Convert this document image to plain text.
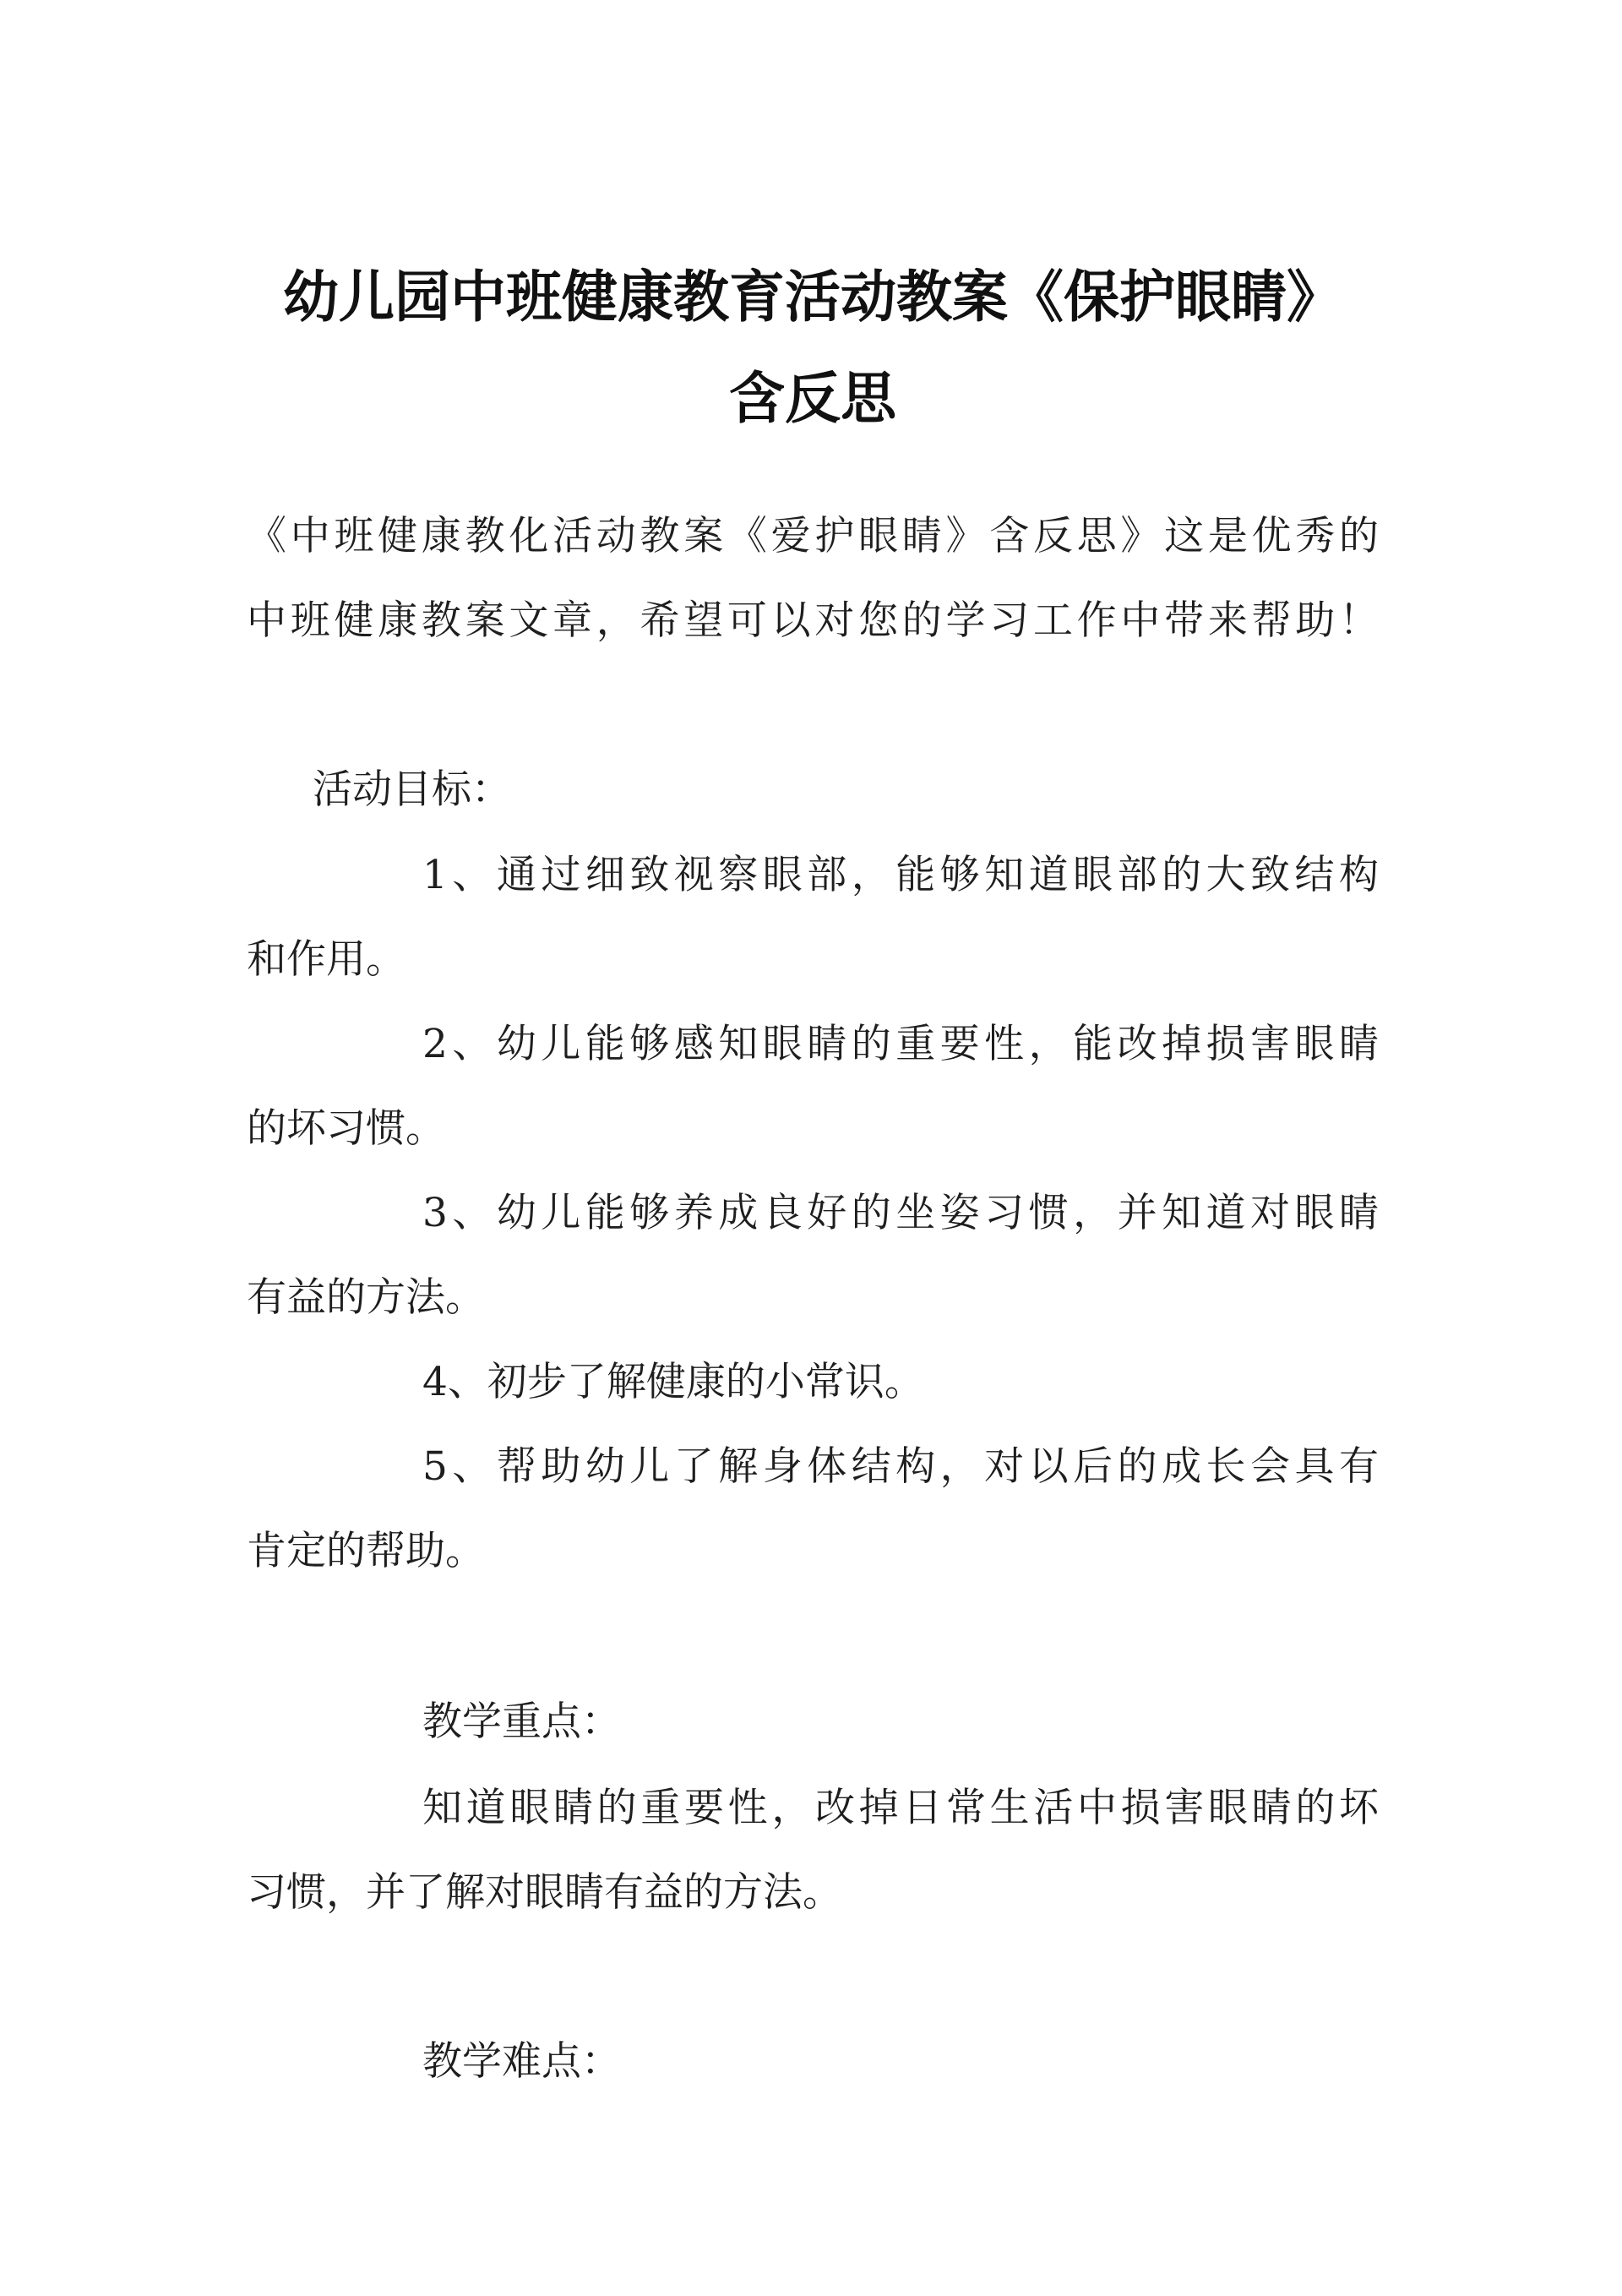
幼儿园中班健康教育活动教案《保护眼睛》
含反思
《中班健康教化活动教案《爱护眼睛》含反思》这是优秀的
中班健康教案文章，希望可以对您的学习工作中带来帮助！
活动目标：
1、通过细致视察眼部，能够知道眼部的大致结构
和作用。
2、幼儿能够感知眼睛的重要性，能改掉损害眼睛
的坏习惯。
3、幼儿能够养成良好的坐姿习惯，并知道对眼睛
有益的方法。
4、初步了解健康的小常识。
5、帮助幼儿了解身体结构，对以后的成长会具有
肯定的帮助。
教学重点：
知道眼睛的重要性，改掉日常生活中损害眼睛的坏
习惯，并了解对眼睛有益的方法。
教学难点：
